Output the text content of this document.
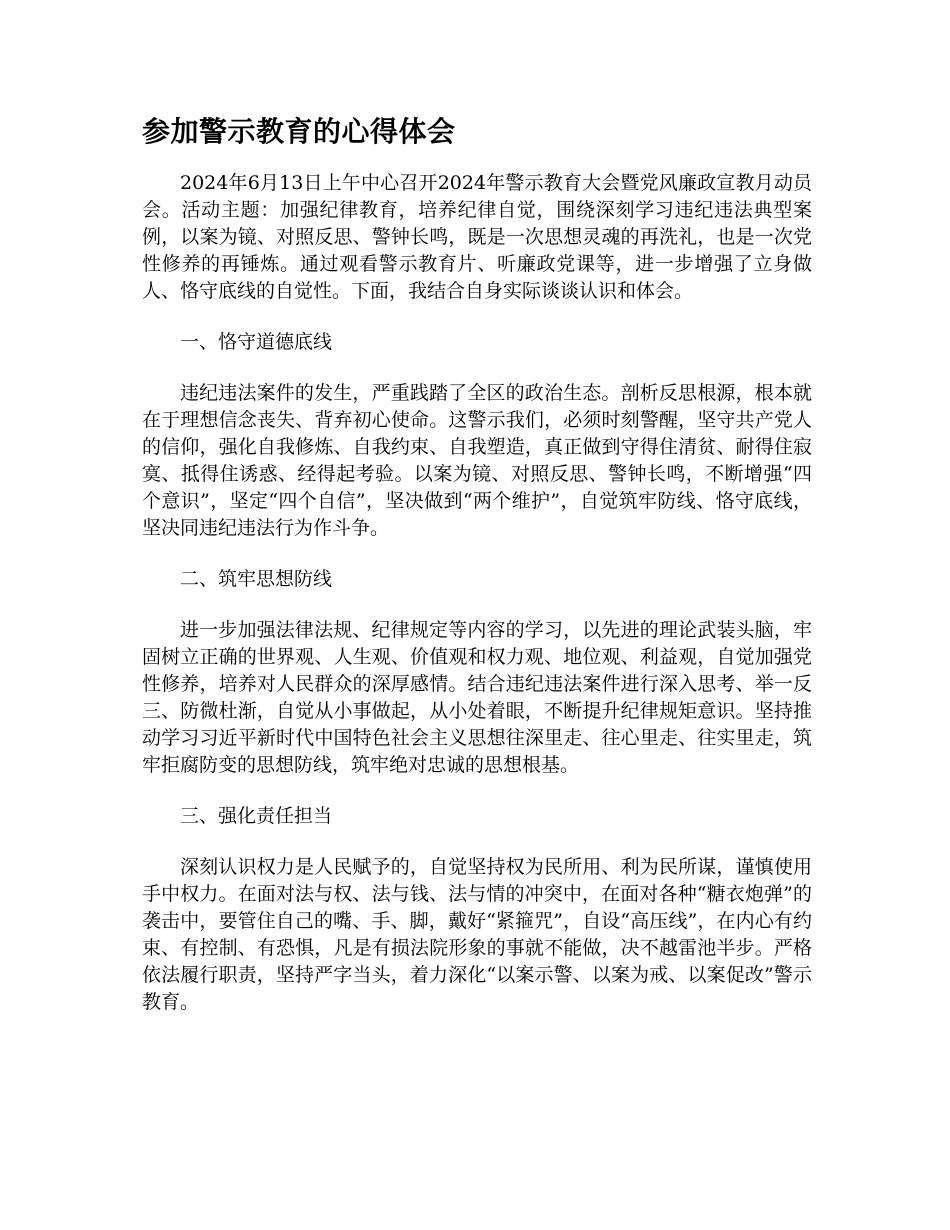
参加警示教育的心得体会

2024年6月13日上午中心召开2024年警示教育大会暨党风廉政宣教月动员会。活动主题：加强纪律教育，培养纪律自觉，围绕深刻学习违纪违法典型案例，以案为镜、对照反思、警钟长鸣，既是一次思想灵魂的再洗礼，也是一次党性修养的再锤炼。通过观看警示教育片、听廉政党课等，进一步增强了立身做人、恪守底线的自觉性。下面，我结合自身实际谈谈认识和体会。

一、恪守道德底线

违纪违法案件的发生，严重践踏了全区的政治生态。剖析反思根源，根本就在于理想信念丧失、背弃初心使命。这警示我们，必须时刻警醒，坚守共产党人的信仰，强化自我修炼、自我约束、自我塑造，真正做到守得住清贫、耐得住寂寞、抵得住诱惑、经得起考验。以案为镜、对照反思、警钟长鸣，不断增强“四个意识”，坚定“四个自信”，坚决做到“两个维护”，自觉筑牢防线、恪守底线，坚决同违纪违法行为作斗争。

二、筑牢思想防线

进一步加强法律法规、纪律规定等内容的学习，以先进的理论武装头脑，牢固树立正确的世界观、人生观、价值观和权力观、地位观、利益观，自觉加强党性修养，培养对人民群众的深厚感情。结合违纪违法案件进行深入思考、举一反三、防微杜渐，自觉从小事做起，从小处着眼，不断提升纪律规矩意识。坚持推动学习习近平新时代中国特色社会主义思想往深里走、往心里走、往实里走，筑牢拒腐防变的思想防线，筑牢绝对忠诚的思想根基。

三、强化责任担当

深刻认识权力是人民赋予的，自觉坚持权为民所用、利为民所谋，谨慎使用手中权力。在面对法与权、法与钱、法与情的冲突中，在面对各种“糖衣炮弹”的袭击中，要管住自己的嘴、手、脚，戴好“紧箍咒”，自设“高压线”，在内心有约束、有控制、有恐惧，凡是有损法院形象的事就不能做，决不越雷池半步。严格依法履行职责，坚持严字当头，着力深化“以案示警、以案为戒、以案促改”警示教育。
